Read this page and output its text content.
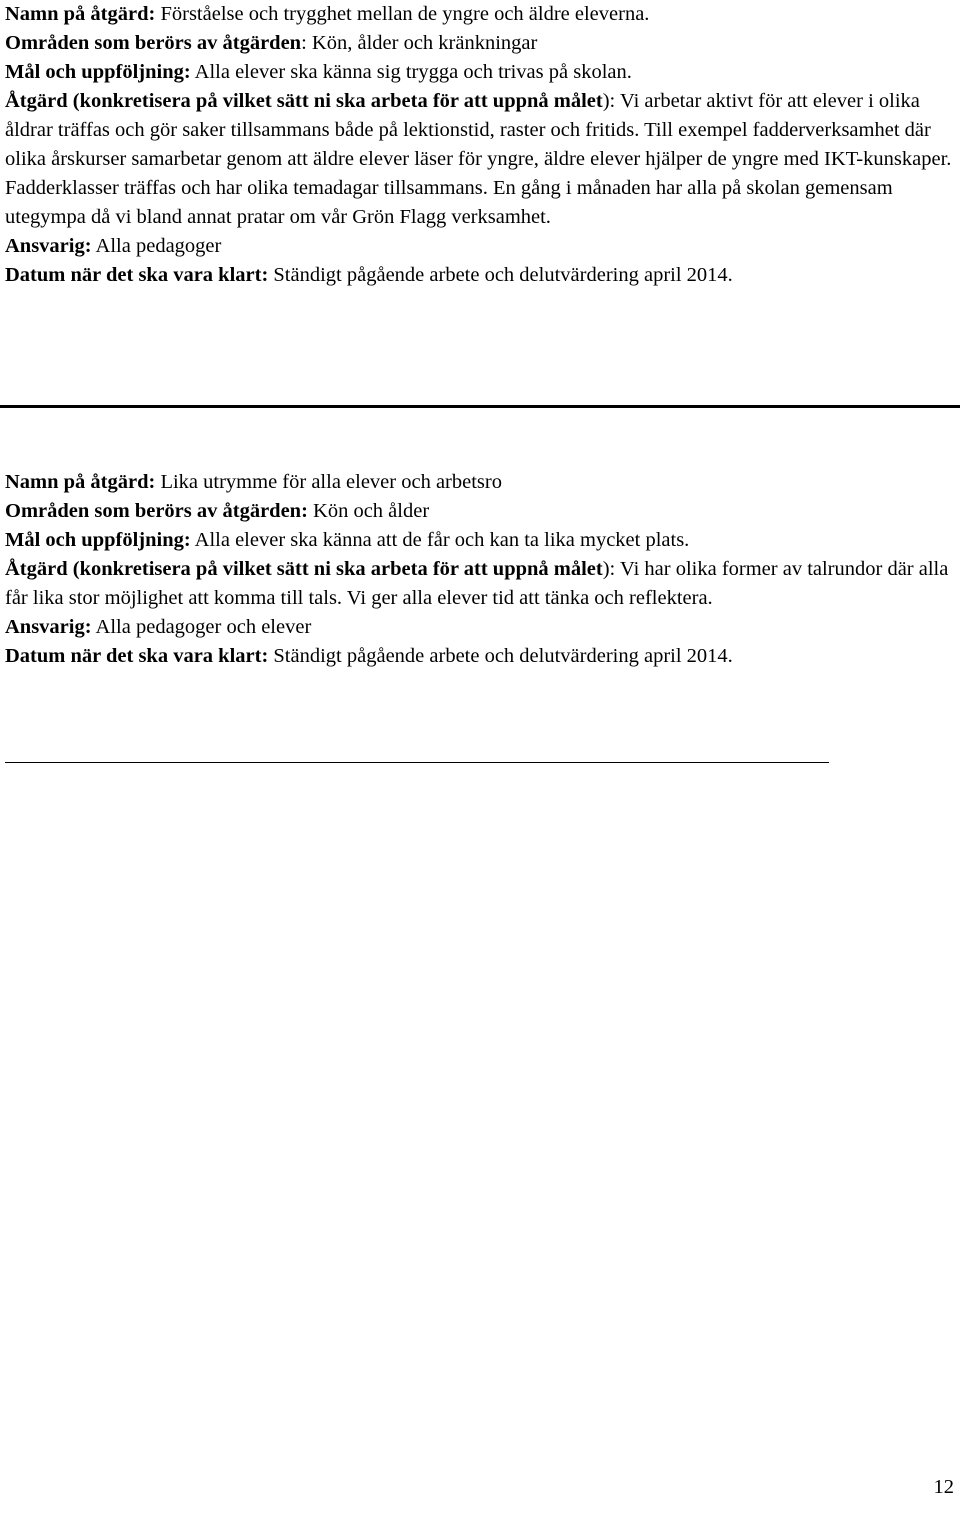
Namn på åtgärd: Förståelse och trygghet mellan de yngre och äldre eleverna.

Områden som berörs av åtgärden: Kön, ålder och kränkningar

Mål och uppföljning: Alla elever ska känna sig trygga och trivas på skolan.

Åtgärd (konkretisera på vilket sätt ni ska arbeta för att uppnå målet): Vi arbetar aktivt för att elever i olika åldrar träffas och gör saker tillsammans både på lektionstid, raster och fritids. Till exempel fadderverksamhet där olika årskurser samarbetar genom att äldre elever läser för yngre, äldre elever hjälper de yngre med IKT-kunskaper. Fadderklasser träffas och har olika temadagar tillsammans. En gång i månaden har alla på skolan gemensam utegympa då vi bland annat pratar om vår Grön Flagg verksamhet.

Ansvarig: Alla pedagoger

Datum när det ska vara klart: Ständigt pågående arbete och delutvärdering april 2014.

Namn på åtgärd: Lika utrymme för alla elever och arbetsro

Områden som berörs av åtgärden: Kön och ålder

Mål och uppföljning: Alla elever ska känna att de får och kan ta lika mycket plats.

Åtgärd (konkretisera på vilket sätt ni ska arbeta för att uppnå målet): Vi har olika former av talrundor där alla får lika stor möjlighet att komma till tals. Vi ger alla elever tid att tänka och reflektera.

Ansvarig: Alla pedagoger och elever

Datum när det ska vara klart: Ständigt pågående arbete och delutvärdering april 2014.

12
